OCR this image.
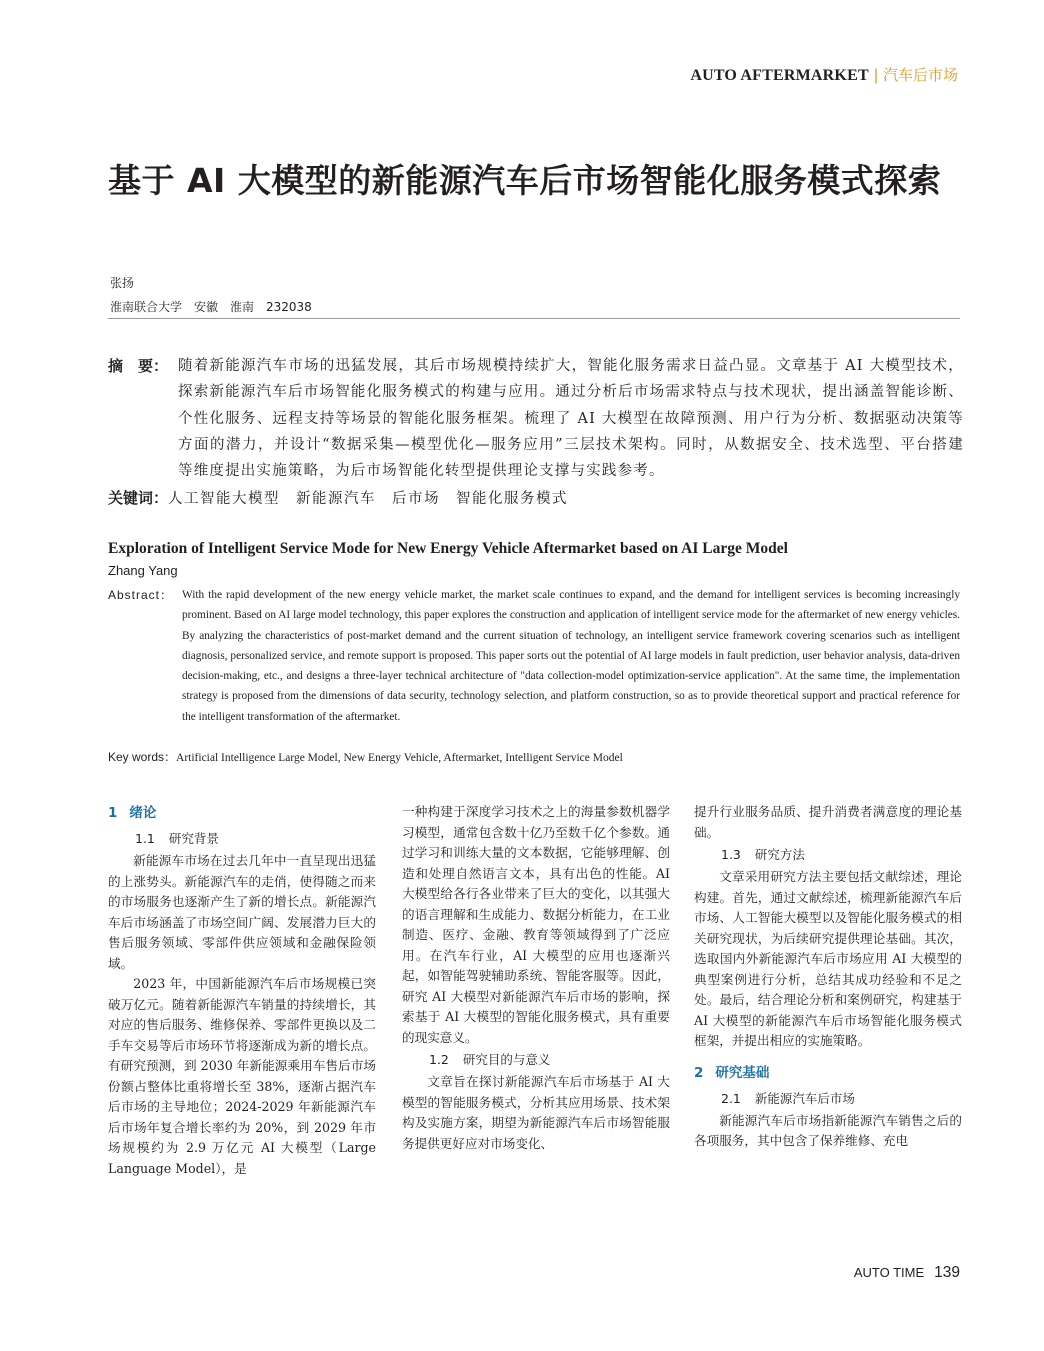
AUTO AFTERMARKET | 汽车后市场
基于 AI 大模型的新能源汽车后市场智能化服务模式探索
张扬
淮南联合大学　安徽　淮南　232038
摘　要： 随着新能源汽车市场的迅猛发展，其后市场规模持续扩大，智能化服务需求日益凸显。文章基于 AI 大模型技术，探索新能源汽车后市场智能化服务模式的构建与应用。通过分析后市场需求特点与技术现状，提出涵盖智能诊断、个性化服务、远程支持等场景的智能化服务框架。梳理了 AI 大模型在故障预测、用户行为分析、数据驱动决策等方面的潜力，并设计“数据采集—模型优化—服务应用”三层技术架构。同时，从数据安全、技术选型、平台搭建等维度提出实施策略，为后市场智能化转型提供理论支撑与实践参考。
关键词：人工智能大模型　新能源汽车　后市场　智能化服务模式
Exploration of Intelligent Service Mode for New Energy Vehicle Aftermarket based on AI Large Model
Zhang Yang
Abstract： With the rapid development of the new energy vehicle market, the market scale continues to expand, and the demand for intelligent services is becoming increasingly prominent. Based on AI large model technology, this paper explores the construction and application of intelligent service mode for the aftermarket of new energy vehicles. By analyzing the characteristics of post-market demand and the current situation of technology, an intelligent service framework covering scenarios such as intelligent diagnosis, personalized service, and remote support is proposed. This paper sorts out the potential of AI large models in fault prediction, user behavior analysis, data-driven decision-making, etc., and designs a three-layer technical architecture of "data collection-model optimization-service application". At the same time, the implementation strategy is proposed from the dimensions of data security, technology selection, and platform construction, so as to provide theoretical support and practical reference for the intelligent transformation of the aftermarket.
Key words：Artificial Intelligence Large Model, New Energy Vehicle, Aftermarket, Intelligent Service Model
1 绪论
1.1 研究背景

新能源车市场在过去几年中一直呈现出迅猛的上涨势头。新能源汽车的走俏，使得随之而来的市场服务也逐渐产生了新的增长点。新能源汽车后市场涵盖了市场空间广阔、发展潜力巨大的售后服务领域、零部件供应领域和金融保险领域。

2023 年，中国新能源汽车后市场规模已突破万亿元。随着新能源汽车销量的持续增长，其对应的售后服务、维修保养、零部件更换以及二手车交易等后市场环节将逐渐成为新的增长点。有研究预测，到 2030 年新能源乘用车售后市场份额占整体比重将增长至 38%，逐渐占据汽车后市场的主导地位；2024-2029 年新能源汽车后市场年复合增长率约为 20%，到 2029 年市场规模约为 2.9 万亿元 AI 大模型（Large Language Model），是

一种构建于深度学习技术之上的海量参数机器学习模型，通常包含数十亿乃至数千亿个参数。通过学习和训练大量的文本数据，它能够理解、创造和处理自然语言文本，具有出色的性能。AI 大模型给各行各业带来了巨大的变化，以其强大的语言理解和生成能力、数据分析能力，在工业制造、医疗、金融、教育等领域得到了广泛应用。在汽车行业，AI 大模型的应用也逐渐兴起，如智能驾驶辅助系统、智能客服等。因此，研究 AI 大模型对新能源汽车后市场的影响，探索基于 AI 大模型的智能化服务模式，具有重要的现实意义。

1.2 研究目的与意义

文章旨在探讨新能源汽车后市场基于 AI 大模型的智能服务模式，分析其应用场景、技术架构及实施方案，期望为新能源汽车后市场智能服务提供更好应对市场变化、

提升行业服务品质、提升消费者满意度的理论基础。

1.3 研究方法

文章采用研究方法主要包括文献综述，理论构建。首先，通过文献综述，梳理新能源汽车后市场、人工智能大模型以及智能化服务模式的相关研究现状，为后续研究提供理论基础。其次，选取国内外新能源汽车后市场应用 AI 大模型的典型案例进行分析，总结其成功经验和不足之处。最后，结合理论分析和案例研究，构建基于 AI 大模型的新能源汽车后市场智能化服务模式框架，并提出相应的实施策略。

2 研究基础
2.1 新能源汽车后市场

新能源汽车后市场指新能源汽车销售之后的各项服务，其中包含了保养维修、充电

AUTO TIME 139
